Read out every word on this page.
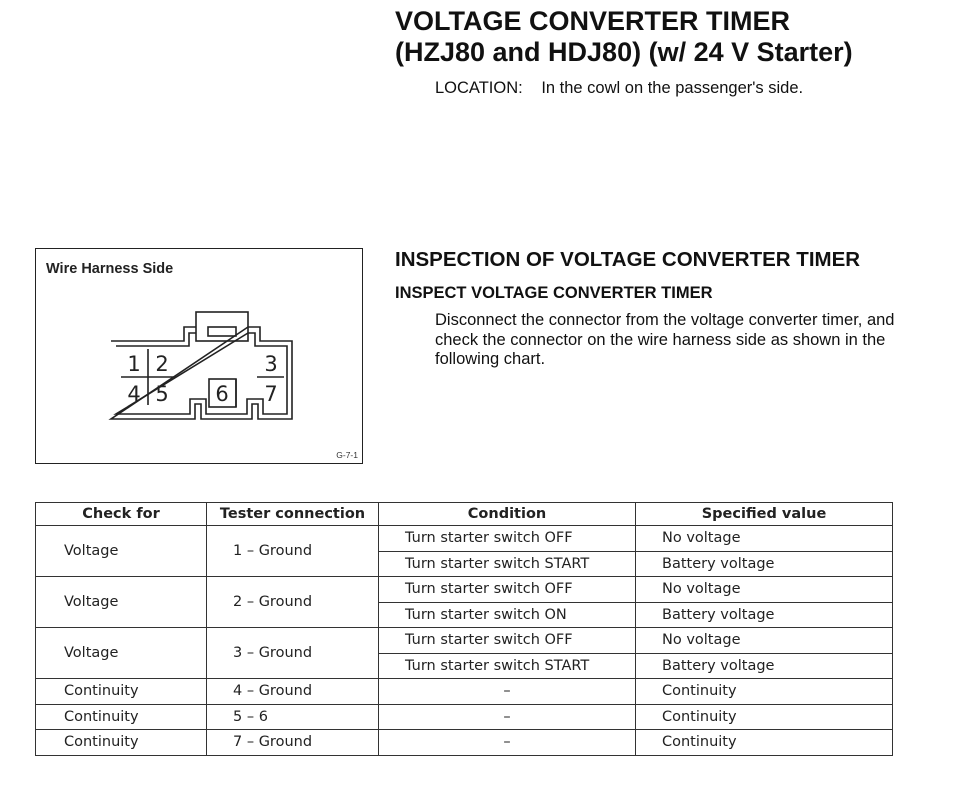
VOLTAGE CONVERTER TIMER
(HZJ80 and HDJ80) (w/ 24 V Starter)
LOCATION: In the cowl on the passenger's side.
Wire Harness Side
1 2	3
4 5 6 7
G-7-1
INSPECTION OF VOLTAGE CONVERTER TIMER
INSPECT VOLTAGE CONVERTER TIMER

Disconnect the connector from the voltage converter timer, and check the connector on the wire harness side as shown in the following chart.

Check for	Tester connection	Condition	Specified value
Voltage	1 – Ground	Turn starter switch OFF	No voltage
		Turn starter switch START	Battery voltage
Voltage	2 – Ground	Turn starter switch OFF	No voltage
		Turn starter switch ON	Battery voltage
Voltage	3 – Ground	Turn starter switch OFF	No voltage
		Turn starter switch START	Battery voltage
Continuity	4 – Ground	–	Continuity
Continuity	5 – 6	–	Continuity
Continuity	7 – Ground	–	Continuity
